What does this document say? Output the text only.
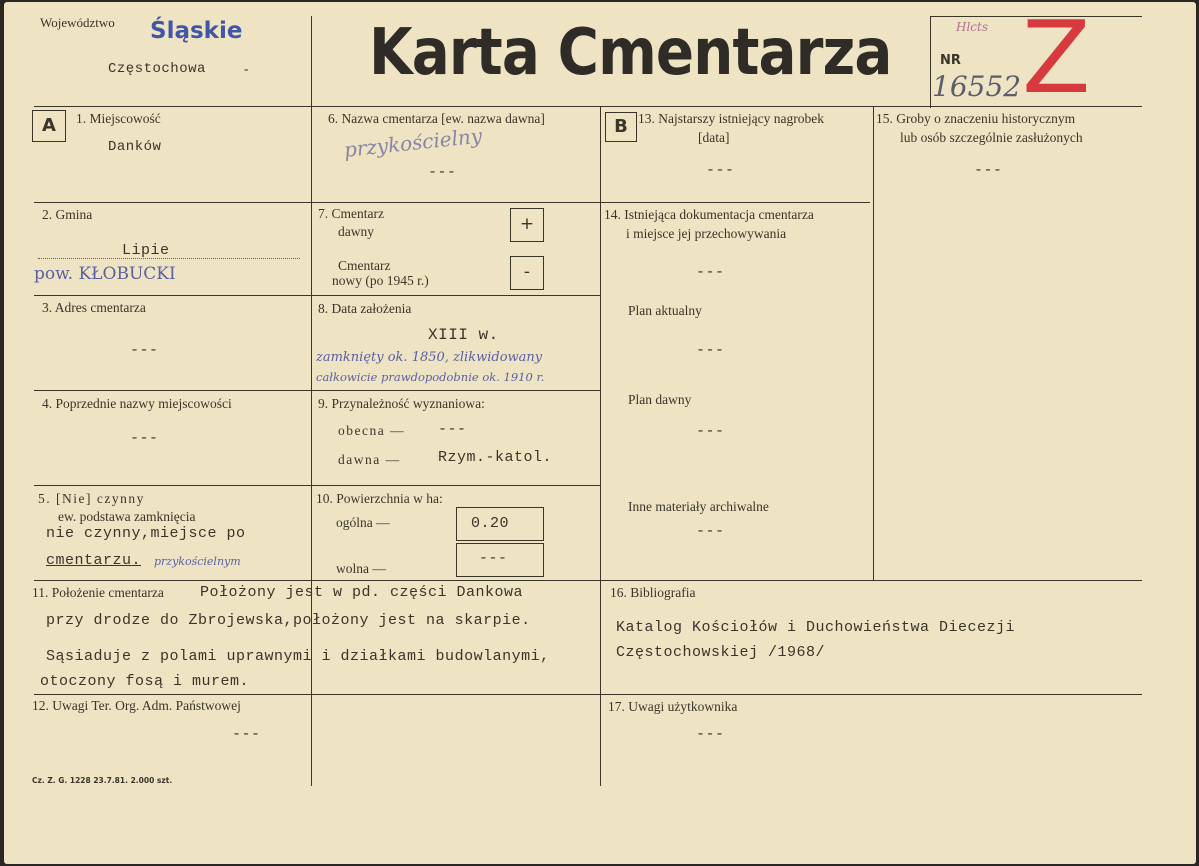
Województwo Śląskie
Częstochowa	- Karta Cmentarza	NR
Hlcts
16552 Z
A	1. Miejscowość
Danków
2. Gmina
Lipie
pow. KŁOBUCKI
3. Adres cmentarza
---
4. Poprzednie nazwy miejscowości
---
5. [Nie] czynny
ew. podstawa zamknięcia
nie czynny,miejsce po
cmentarzu. przykościelnym
6. Nazwa cmentarza [ew. nazwa dawna]
przykościelny
---
7. Cmentarz
dawny	+
Cmentarz
nowy (po 1945 r.)	-
8. Data założenia
XIII w.
zamknięty ok. 1850, zlikwidowany
całkowicie prawdopodobnie ok. 1910 r.
9. Przynależność wyznaniowa:
obecna — ---
dawna — Rzym.-katol.
10. Powierzchnia w ha:
ogólna —	0.20
wolna —
---
B 13. Najstarszy istniejący nagrobek
[data]
---
14. Istniejąca dokumentacja cmentarza
i miejsce jej przechowywania
---
Plan aktualny
---
Plan dawny
---
Inne materiały archiwalne
---
15. Groby o znaczeniu historycznym
lub osób szczególnie zasłużonych
---
11. Położenie cmentarza Położony jest w pd. części Dankowa
przy drodze do Zbrojewska,położony jest na skarpie.
Sąsiaduje z polami uprawnymi i działkami budowlanymi,
otoczony fosą i murem.
12. Uwagi Ter. Org. Adm. Państwowej
---
16. Bibliografia
Katalog Kościołów i Duchowieństwa Diecezji
Częstochowskiej /1968/
17. Uwagi użytkownika
---
Cz. Z. G. 1228 23.7.81. 2.000 szt.
